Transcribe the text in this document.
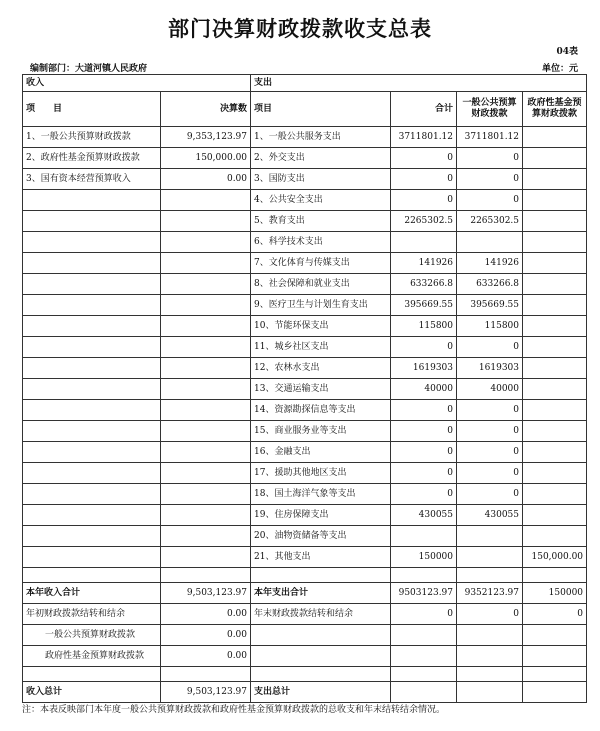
部门决算财政拨款收支总表
04表
编制部门：大道河镇人民政府	单位：元
收入		支出			
项　　目	决算数	项目	合计	一般公共预算财政拨款	政府性基金预算财政拨款
1、一般公共预算财政拨款	9,353,123.97	1、一般公共服务支出	3711801.12	3711801.12	
2、政府性基金预算财政拨款	150,000.00	2、外交支出	0	0	
3、国有资本经营预算收入	0.00	3、国防支出	0	0	
		4、公共安全支出	0	0	
		5、教育支出	2265302.5	2265302.5	
		6、科学技术支出			
		7、文化体育与传媒支出	141926	141926	
		8、社会保障和就业支出	633266.8	633266.8	
		9、医疗卫生与计划生育支出	395669.55	395669.55	
		10、节能环保支出	115800	115800	
		11、城乡社区支出	0	0	
		12、农林水支出	1619303	1619303	
		13、交通运输支出	40000	40000	
		14、资源勘探信息等支出	0	0	
		15、商业服务业等支出	0	0	
		16、金融支出	0	0	
		17、援助其他地区支出	0	0	
		18、国土海洋气象等支出	0	0	
		19、住房保障支出	430055	430055	
		20、油物资储备等支出			
		21、其他支出	150000		150,000.00

本年收入合计	9,503,123.97	本年支出合计	9503123.97	9352123.97	150000
年初财政拨款结转和结余	0.00	年末财政拨款结转和结余	0	0	0
一般公共预算财政拨款	0.00				
政府性基金预算财政拨款	0.00				

收入总计	9,503,123.97	支出总计			
注：本表反映部门本年度一般公共预算财政拨款和政府性基金预算财政拨款的总收支和年末结转结余情况。
